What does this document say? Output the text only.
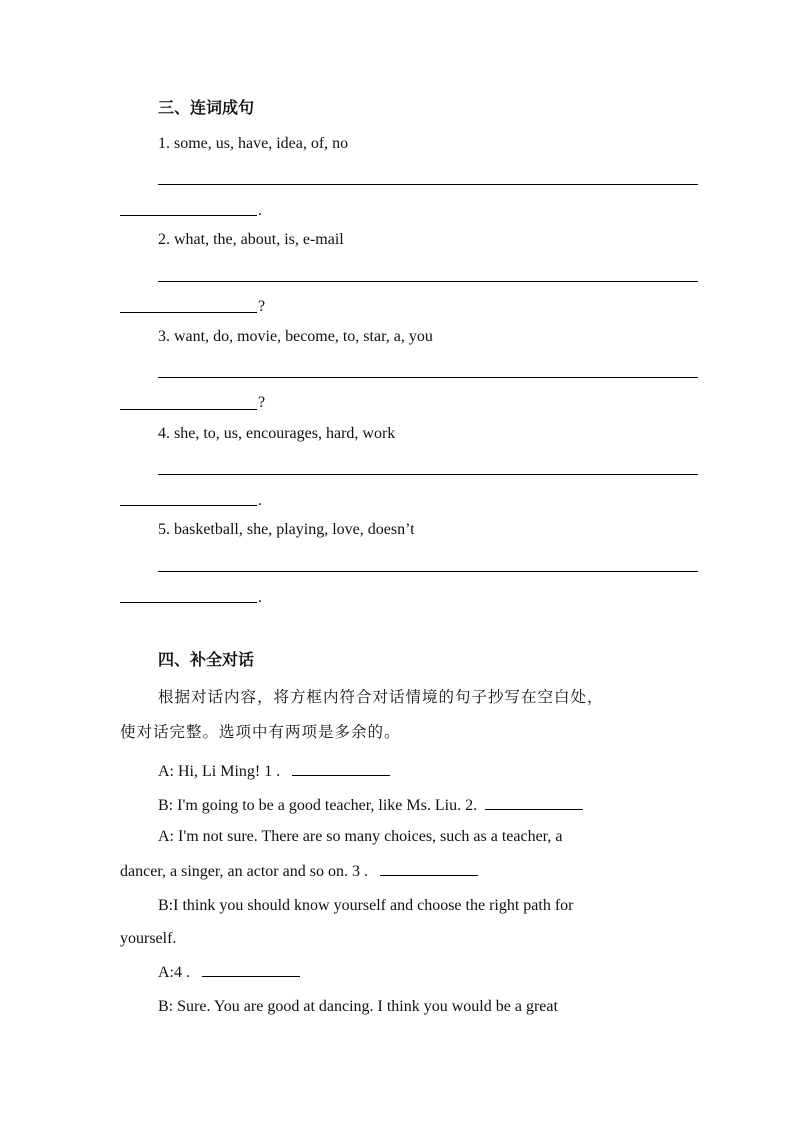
三、连词成句
1. some, us, have, idea, of, no
.
2. what, the, about, is, e-mail
?
3. want, do, movie, become, to, star, a, you
?
4. she, to, us, encourages, hard, work
.
5. basketball, she, playing, love, doesn’t
.
四、补全对话
根据对话内容，将方框内符合对话情境的句子抄写在空白处，
使对话完整。选项中有两项是多余的。
A: Hi, Li Ming! 1 .
B: I'm going to be a good teacher, like Ms. Liu. 2.
A: I'm not sure. There are so many choices, such as a teacher, a
dancer, a singer, an actor and so on. 3 .
B:I think you should know yourself and choose the right path for
yourself.
A:4 .
B: Sure. You are good at dancing. I think you would be a great
